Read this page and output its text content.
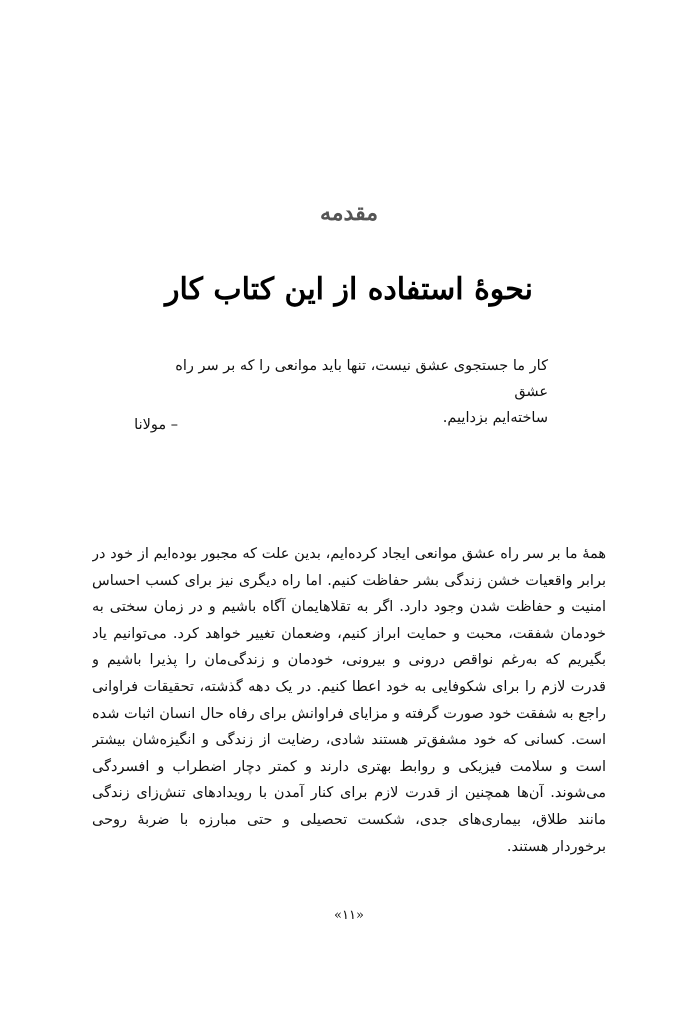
مقدمه
نحوهٔ استفاده از این کتاب کار
کار ما جستجوی عشق نیست، تنها باید موانعی را که بر سر راه عشق
ساخته‌ایم بزداییم.
– مولانا
همهٔ ما بر سر راه عشق موانعی ایجاد کرده‌ایم، بدین علت که مجبور بوده‌ایم از خود در
برابر واقعیات خشن زندگی بشر حفاظت کنیم. اما راه دیگری نیز برای کسب احساس
امنیت و حفاظت شدن وجود دارد. اگر به تقلاهایمان آگاه باشیم و در زمان سختی به
خودمان شفقت، محبت و حمایت ابراز کنیم، وضعمان تغییر خواهد کرد. می‌توانیم یاد
بگیریم که به‌رغم نواقص درونی و بیرونی، خودمان و زندگی‌مان را پذیرا باشیم و
قدرت لازم را برای شکوفایی به خود اعطا کنیم. در یک دهه گذشته، تحقیقات فراوانی
راجع به شفقت خود صورت گرفته و مزایای فراوانش برای رفاه حال انسان اثبات شده
است. کسانی که خود مشفق‌تر هستند شادی، رضایت از زندگی و انگیزه‌شان بیشتر
است و سلامت فیزیکی و روابط بهتری دارند و کمتر دچار اضطراب و افسردگی
می‌شوند. آن‌ها همچنین از قدرت لازم برای کنار آمدن با رویدادهای تنش‌زای زندگی
مانند طلاق، بیماری‌های جدی، شکست تحصیلی و حتی مبارزه با ضربهٔ روحی
برخوردار هستند.
«۱۱»
